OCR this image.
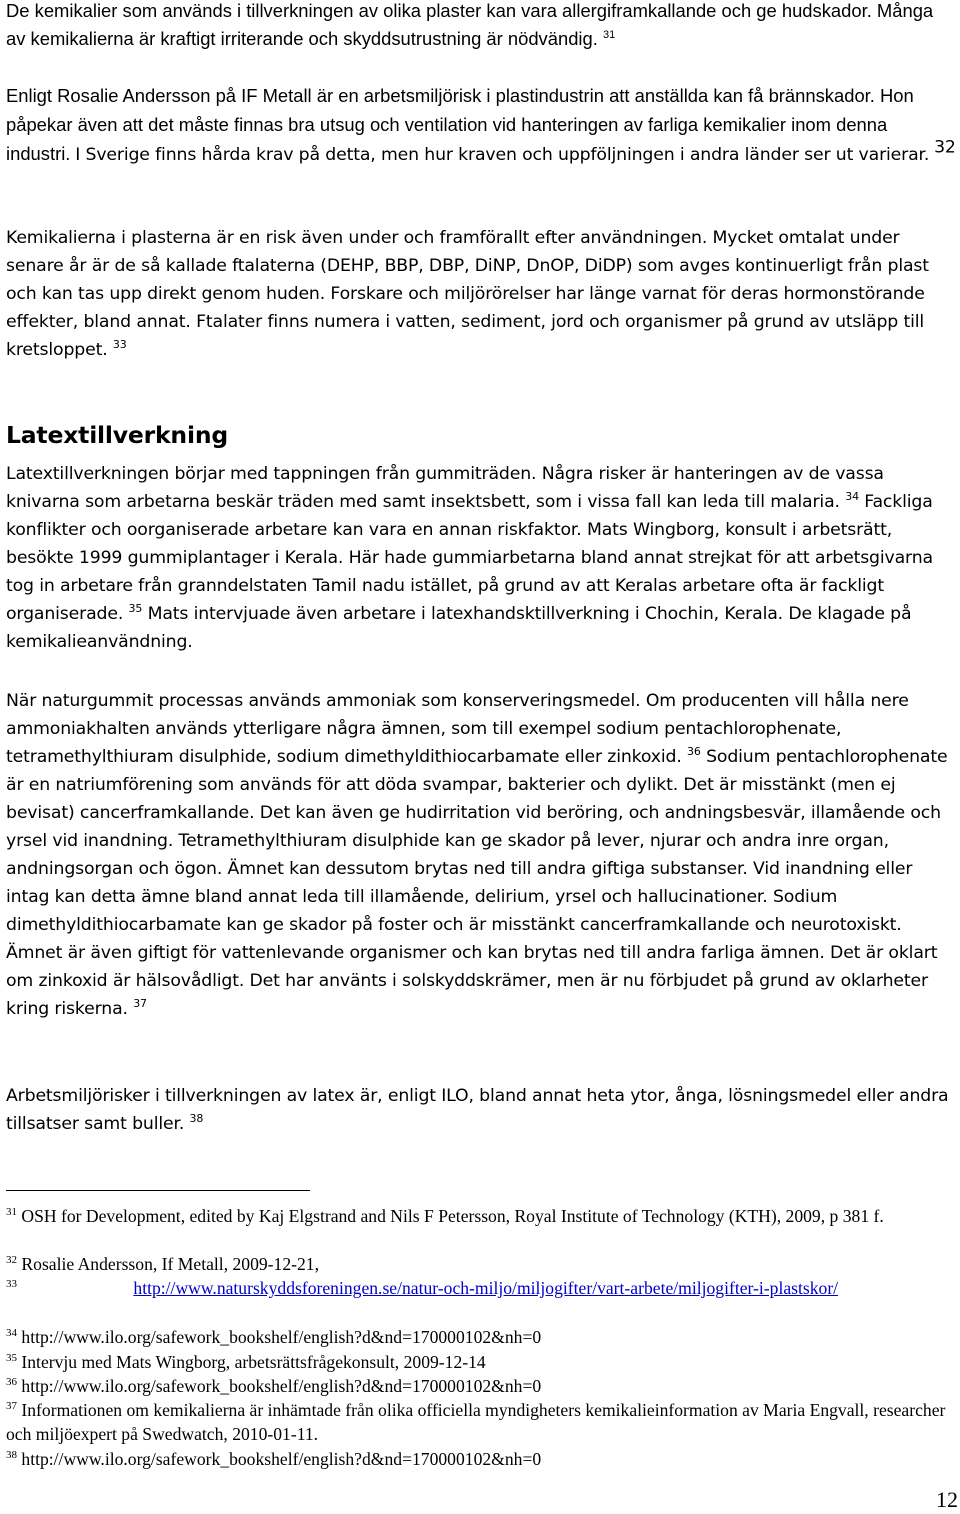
De kemikalier som används i tillverkningen av olika plaster kan vara allergiframkallande och ge hudskador. Många av kemikalierna är kraftigt irriterande och skyddsutrustning är nödvändig. $^{31}$

Enligt Rosalie Andersson på IF Metall är en arbetsmiljörisk i plastindustrin att anställda kan få brännskador. Hon påpekar även att det måste finnas bra utsug och ventilation vid hanteringen av farliga kemikalier inom denna industri. I Sverige finns hårda krav på detta, men hur kraven och uppföljningen i andra länder ser ut varierar. $^{32}$

Kemikalierna i plasterna är en risk även under och framförallt efter användningen. Mycket omtalat under senare år är de så kallade ftalaterna (DEHP, BBP, DBP, DiNP, DnOP, DiDP) som avges kontinuerligt från plast och kan tas upp direkt genom huden. Forskare och miljörörelser har länge varnat för deras hormonstörande effekter, bland annat. Ftalater finns numera i vatten, sediment, jord och organismer på grund av utsläpp till kretsloppet. $^{33}$

Latextillverkning

Latextillverkningen börjar med tappningen från gummiträden. Några risker är hanteringen av de vassa knivarna som arbetarna beskär träden med samt insektsbett, som i vissa fall kan leda till malaria. $^{34}$ Fackliga konflikter och oorganiserade arbetare kan vara en annan riskfaktor. Mats Wingborg, konsult i arbetsrätt, besökte 1999 gummiplantager i Kerala. Här hade gummiarbetarna bland annat strejkat för att arbetsgivarna tog in arbetare från granndelstaten Tamil nadu istället, på grund av att Keralas arbetare ofta är fackligt organiserade. $^{35}$ Mats intervjuade även arbetare i latexhandsktillverkning i Chochin, Kerala. De klagade på kemikalieanvändning.

När naturgummit processas används ammoniak som konserveringsmedel. Om producenten vill hålla nere ammoniakhalten används ytterligare några ämnen, som till exempel sodium pentachlorophenate, tetramethylthiuram disulphide, sodium dimethyldithiocarbamate eller zinkoxid. $^{36}$ Sodium pentachlorophenate är en natriumförening som används för att döda svampar, bakterier och dylikt. Det är misstänkt (men ej bevisat) cancerframkallande. Det kan även ge hudirritation vid beröring, och andningsbesvär, illamående och yrsel vid inandning. Tetramethylthiuram disulphide kan ge skador på lever, njurar och andra inre organ, andningsorgan och ögon. Ämnet kan dessutom brytas ned till andra giftiga substanser. Vid inandning eller intag kan detta ämne bland annat leda till illamående, delirium, yrsel och hallucinationer. Sodium dimethyldithiocarbamate kan ge skador på foster och är misstänkt cancerframkallande och neurotoxiskt. Ämnet är även giftigt för vattenlevande organismer och kan brytas ned till andra farliga ämnen. Det är oklart om zinkoxid är hälsovådligt. Det har använts i solskyddskrämer, men är nu förbjudet på grund av oklarheter kring riskerna. $^{37}$

Arbetsmiljörisker i tillverkningen av latex är, enligt ILO, bland annat heta ytor, ånga, lösningsmedel eller andra tillsatser samt buller. $^{38}$

$^{31}$ OSH for Development, edited by Kaj Elgstrand and Nils F Petersson, Royal Institute of Technology (KTH), 2009, p 381 f.

$^{32}$ Rosalie Andersson, If Metall, 2009-12-21,

$^{33}$	http://www.naturskyddsforeningen.se/natur-och-miljo/miljogifter/vart-arbete/miljogifter-i-plastskor/

$^{34}$ http://www.ilo.org/safework_bookshelf/english?d&nd=170000102&nh=0

$^{35}$ Intervju med Mats Wingborg, arbetsrättsfrågekonsult, 2009-12-14

$^{36}$ http://www.ilo.org/safework_bookshelf/english?d&nd=170000102&nh=0

$^{37}$ Informationen om kemikalierna är inhämtade från olika officiella myndigheters kemikalieinformation av Maria Engvall, researcher och miljöexpert på Swedwatch, 2010-01-11.

$^{38}$ http://www.ilo.org/safework_bookshelf/english?d&nd=170000102&nh=0

12
